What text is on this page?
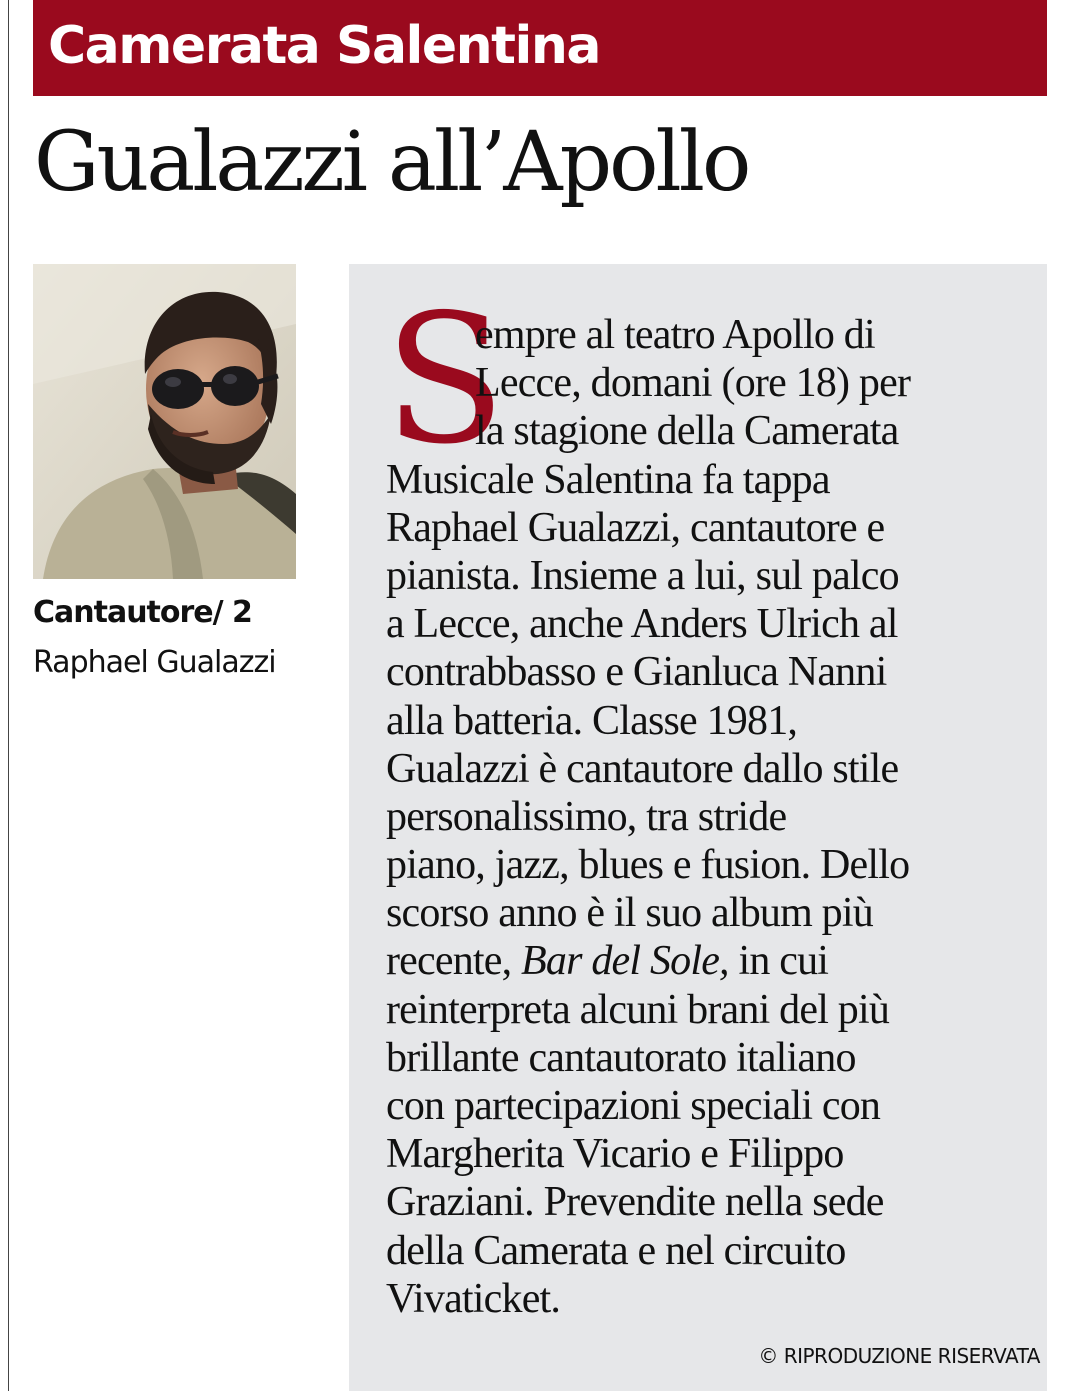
Camerata Salentina
Gualazzi all’Apollo
Cantautore/ 2
Raphael Gualazzi
S
empre al teatro Apollo di
Lecce, domani (ore 18) per
la stagione della Camerata
Musicale Salentina fa tappa
Raphael Gualazzi, cantautore e
pianista. Insieme a lui, sul palco
a Lecce, anche Anders Ulrich al
contrabbasso e Gianluca Nanni
alla batteria. Classe 1981,
Gualazzi è cantautore dallo stile
personalissimo, tra stride
piano, jazz, blues e fusion. Dello
scorso anno è il suo album più
recente, Bar del Sole, in cui
reinterpreta alcuni brani del più
brillante cantautorato italiano
con partecipazioni speciali con
Margherita Vicario e Filippo
Graziani. Prevendite nella sede
della Camerata e nel circuito
Vivaticket.
© RIPRODUZIONE RISERVATA
